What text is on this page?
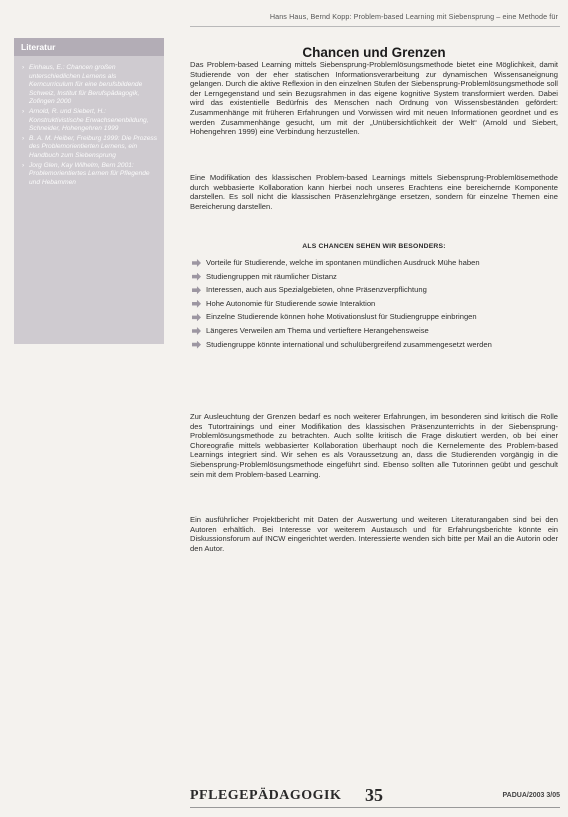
Hans Haus, Bernd Kopp: Problem-based Learning mit Siebensprung – eine Methode für
Literatur
› Einhaus, E.: Chancen großen unterschiedlichen Lernens als Kerncurriculum für eine berufsbildende Schweiz, Institut für Berufspädagogik, Zofingen 2000
› Arnold, R. und Siebert, H.: Konstruktivistische Erwachsenenbildung, Schneider, Hohengehren 1999
› B. A. M. Heiber, Freiburg 1999: Die Prozess des Problemorientierten Lernens, ein Handbuch zum Siebensprung
› Jorg Glen, Kay Wilhelm, Bern 2001: Problemorientiertes Lernen für Pflegende und Hebammen
Chancen und Grenzen

Das Problem-based Learning mittels Siebensprung-Problemlösungsmethode bietet eine Möglichkeit, damit Studierende von der eher statischen Informationsverarbeitung zur dynamischen Wissensaneignung gelangen. Durch die aktive Reflexion in den einzelnen Stufen der Siebensprung-Problemlösungsmethode soll der Lerngegenstand und sein Bezugsrahmen in das eigene kognitive System transformiert werden. Dabei wird das existentielle Bedürfnis des Menschen nach Ordnung von Wissensbeständen gefördert: Zusammenhänge mit früheren Erfahrungen und Vorwissen wird mit neuen Informationen geordnet und es werden Zusammenhänge gesucht, um mit der „Unübersichtlichkeit der Welt“ (Arnold und Siebert, Hohengehren 1999) eine Verbindung herzustellen.

Eine Modifikation des klassischen Problem-based Learnings mittels Siebensprung-Problemlösemethode durch webbasierte Kollaboration kann hierbei noch unseres Erachtens eine bereichernde Komponente darstellen. Es soll nicht die klassischen Präsenzlehrgänge ersetzen, sondern für einzelne Themen eine Bereicherung darstellen.

ALS CHANCEN SEHEN WIR BESONDERS:
Vorteile für Studierende, welche im spontanen mündlichen Ausdruck Mühe haben
Studiengruppen mit räumlicher Distanz
Interessen, auch aus Spezialgebieten, ohne Präsenzverpflichtung
Hohe Autonomie für Studierende sowie Interaktion
Einzelne Studierende können hohe Motivationslust für Studiengruppe einbringen
Längeres Verweilen am Thema und vertieftere Herangehensweise
Studiengruppe könnte international und schulübergreifend zusammengesetzt werden

Zur Ausleuchtung der Grenzen bedarf es noch weiterer Erfahrungen, im besonderen sind kritisch die Rolle des Tutortrainings und einer Modifikation des klassischen Präsenzunterrichts in der Siebensprung-Problemlösungsmethode zu betrachten. Auch sollte kritisch die Frage diskutiert werden, ob bei einer Choreografie mittels webbasierter Kollaboration überhaupt noch die Kernelemente des Problem-based Learnings integriert sind. Wir sehen es als Voraussetzung an, dass die Studierenden vorgängig in die Siebensprung-Problemlösungsmethode eingeführt sind. Ebenso sollten alle Tutorinnen geübt und geschult sein mit dem Problem-based Learning.

Ein ausführlicher Projektbericht mit Daten der Auswertung und weiteren Literaturangaben sind bei den Autoren erhältlich. Bei Interesse vor weiterem Austausch und für Erfahrungsberichte könnte ein Diskussionsforum auf INCW eingerichtet werden. Interessierte wenden sich bitte per Mail an die Autorin oder den Autor.

PFLEGEPÄDAGOGIK 35	PADUA/2003 3/05
